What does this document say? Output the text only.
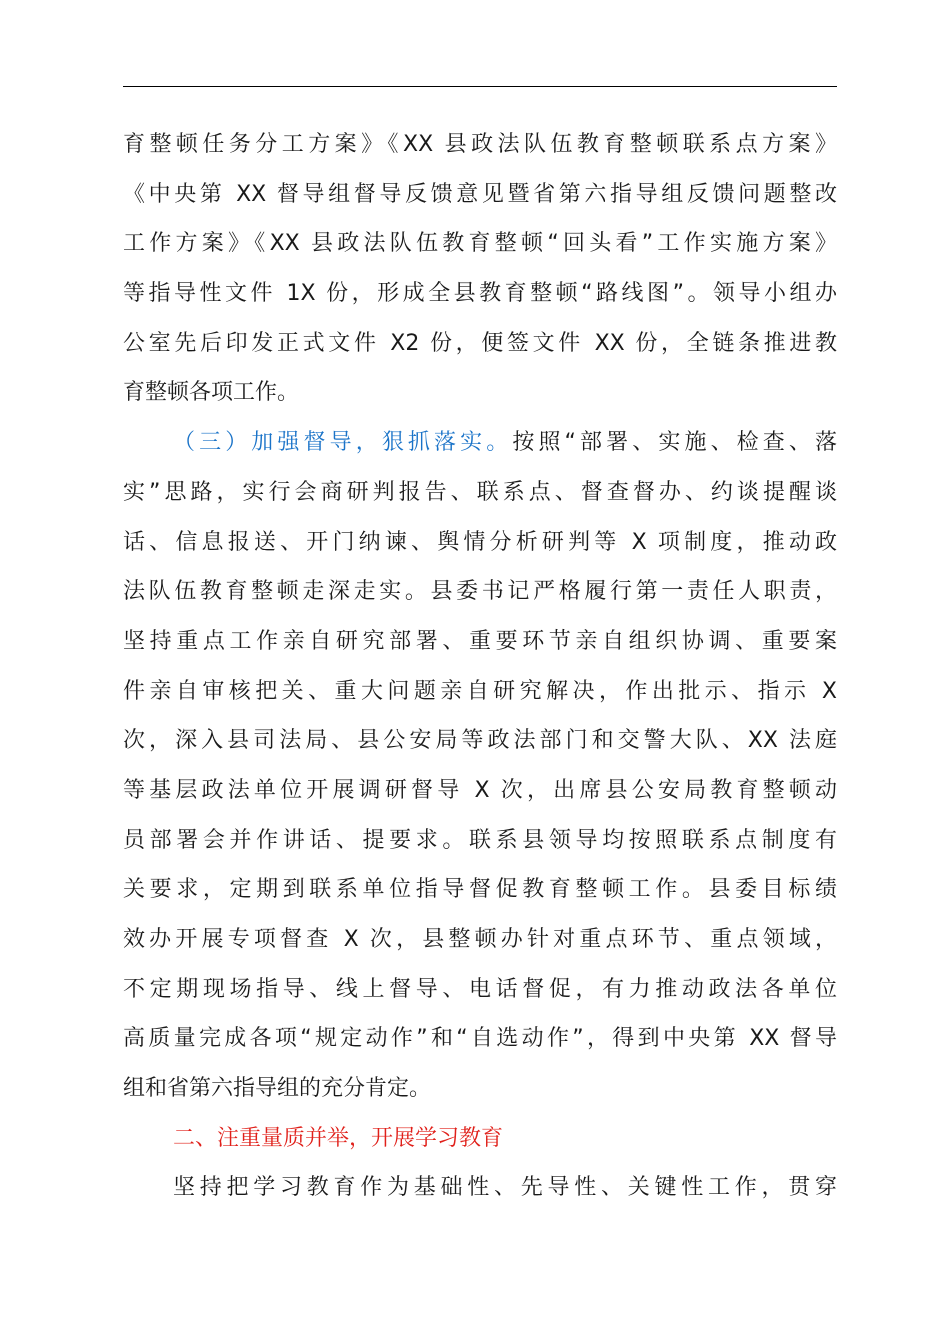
育整顿任务分工方案》《XX 县政法队伍教育整顿联系点方案》
《中央第 XX 督导组督导反馈意见暨省第六指导组反馈问题整改
工作方案》《XX 县政法队伍教育整顿“回头看”工作实施方案》
等指导性文件 1X 份，形成全县教育整顿“路线图”。领导小组办
公室先后印发正式文件 X2 份，便签文件 XX 份，全链条推进教
育整顿各项工作。
（三）加强督导，狠抓落实。按照“部署、实施、检查、落
实”思路，实行会商研判报告、联系点、督查督办、约谈提醒谈
话、信息报送、开门纳谏、舆情分析研判等 X 项制度，推动政
法队伍教育整顿走深走实。县委书记严格履行第一责任人职责，
坚持重点工作亲自研究部署、重要环节亲自组织协调、重要案
件亲自审核把关、重大问题亲自研究解决，作出批示、指示 X
次，深入县司法局、县公安局等政法部门和交警大队、XX 法庭
等基层政法单位开展调研督导 X 次，出席县公安局教育整顿动
员部署会并作讲话、提要求。联系县领导均按照联系点制度有
关要求，定期到联系单位指导督促教育整顿工作。县委目标绩
效办开展专项督查 X 次，县整顿办针对重点环节、重点领域，
不定期现场指导、线上督导、电话督促，有力推动政法各单位
高质量完成各项“规定动作”和“自选动作”，得到中央第 XX 督导
组和省第六指导组的充分肯定。
二、注重量质并举，开展学习教育
坚持把学习教育作为基础性、先导性、关键性工作，贯穿
